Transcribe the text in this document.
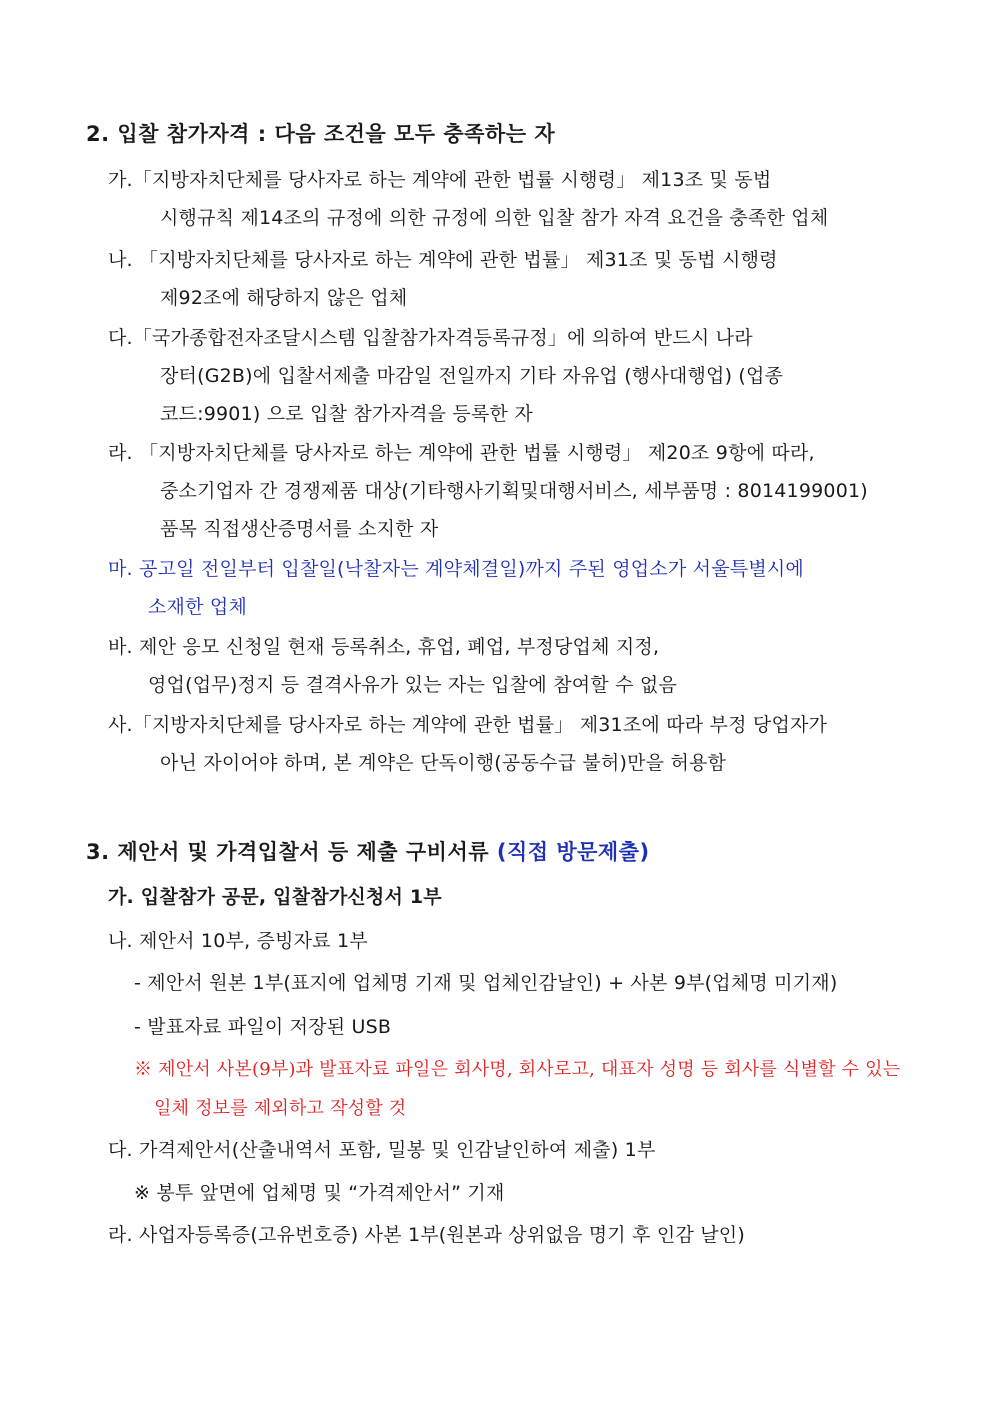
2. 입찰 참가자격 : 다음 조건을 모두 충족하는 자
가.「지방자치단체를 당사자로 하는 계약에 관한 법률 시행령」 제13조 및 동법
시행규칙 제14조의 규정에 의한 규정에 의한 입찰 참가 자격 요건을 충족한 업체
나. 「지방자치단체를 당사자로 하는 계약에 관한 법률」 제31조 및 동법 시행령
제92조에 해당하지 않은 업체
다.「국가종합전자조달시스템 입찰참가자격등록규정」에 의하여 반드시 나라
장터(G2B)에 입찰서제출 마감일 전일까지 기타 자유업 (행사대행업) (업종
코드:9901) 으로 입찰 참가자격을 등록한 자
라. 「지방자치단체를 당사자로 하는 계약에 관한 법률 시행령」 제20조 9항에 따라,
중소기업자 간 경쟁제품 대상(기타행사기획및대행서비스, 세부품명 : 8014199001)
품목 직접생산증명서를 소지한 자
마. 공고일 전일부터 입찰일(낙찰자는 계약체결일)까지 주된 영업소가 서울특별시에
소재한 업체
바. 제안 응모 신청일 현재 등록취소, 휴업, 폐업, 부정당업체 지정,
영업(업무)정지 등 결격사유가 있는 자는 입찰에 참여할 수 없음
사.「지방자치단체를 당사자로 하는 계약에 관한 법률」 제31조에 따라 부정 당업자가
아닌 자이어야 하며, 본 계약은 단독이행(공동수급 불허)만을 허용함
3. 제안서 및 가격입찰서 등 제출 구비서류 (직접 방문제출)
가. 입찰참가 공문, 입찰참가신청서 1부
나. 제안서 10부, 증빙자료 1부
- 제안서 원본 1부(표지에 업체명 기재 및 업체인감날인) + 사본 9부(업체명 미기재)
- 발표자료 파일이 저장된 USB
※ 제안서 사본(9부)과 발표자료 파일은 회사명, 회사로고, 대표자 성명 등 회사를 식별할 수 있는
일체 정보를 제외하고 작성할 것
다. 가격제안서(산출내역서 포함, 밀봉 및 인감날인하여 제출) 1부
※ 봉투 앞면에 업체명 및 “가격제안서” 기재
라. 사업자등록증(고유번호증) 사본 1부(원본과 상위없음 명기 후 인감 날인)
